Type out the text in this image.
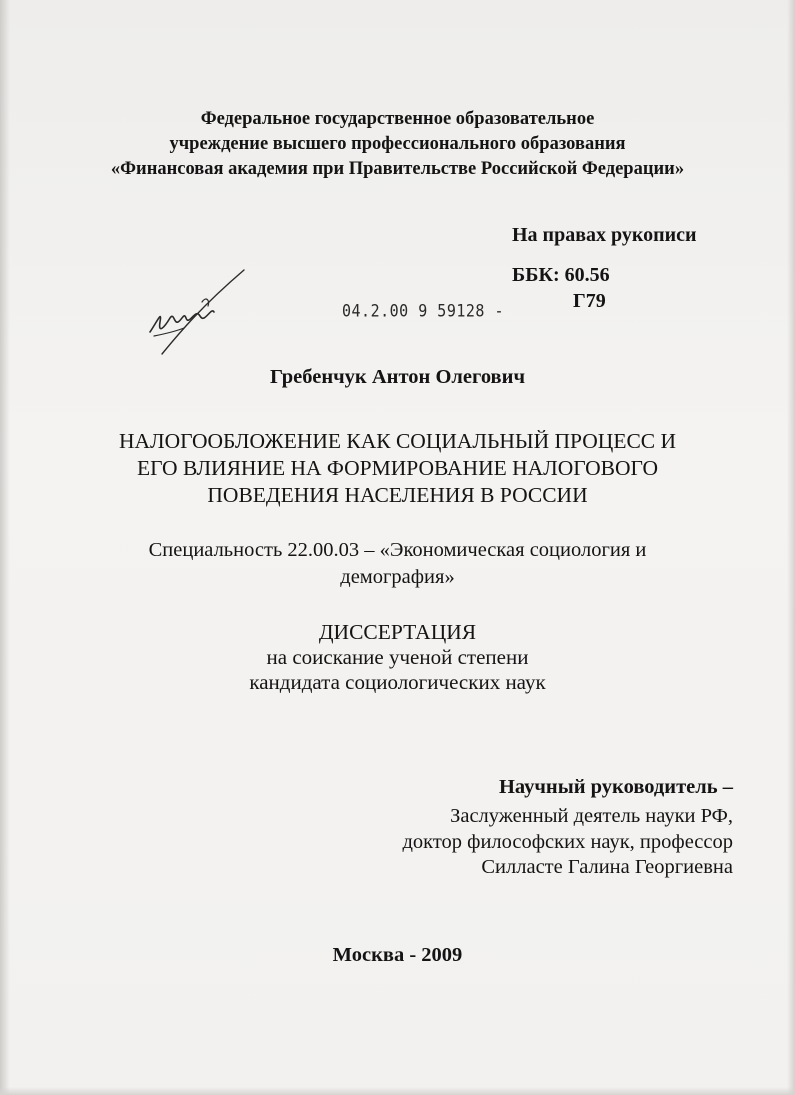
Федеральное государственное образовательное
учреждение высшего профессионального образования
«Финансовая академия при Правительстве Российской Федерации»
На правах рукописи
ББК: 60.56
Г79
04.2.00 9 59128 -
Гребенчук Антон Олегович
НАЛОГООБЛОЖЕНИЕ КАК СОЦИАЛЬНЫЙ ПРОЦЕСС И
ЕГО ВЛИЯНИЕ НА ФОРМИРОВАНИЕ НАЛОГОВОГО
ПОВЕДЕНИЯ НАСЕЛЕНИЯ В РОССИИ
Специальность 22.00.03 – «Экономическая социология и
демография»
ДИССЕРТАЦИЯ
на соискание ученой степени
кандидата социологических наук
Научный руководитель –
Заслуженный деятель науки РФ,
доктор философских наук, профессор
Силласте Галина Георгиевна
Москва - 2009
